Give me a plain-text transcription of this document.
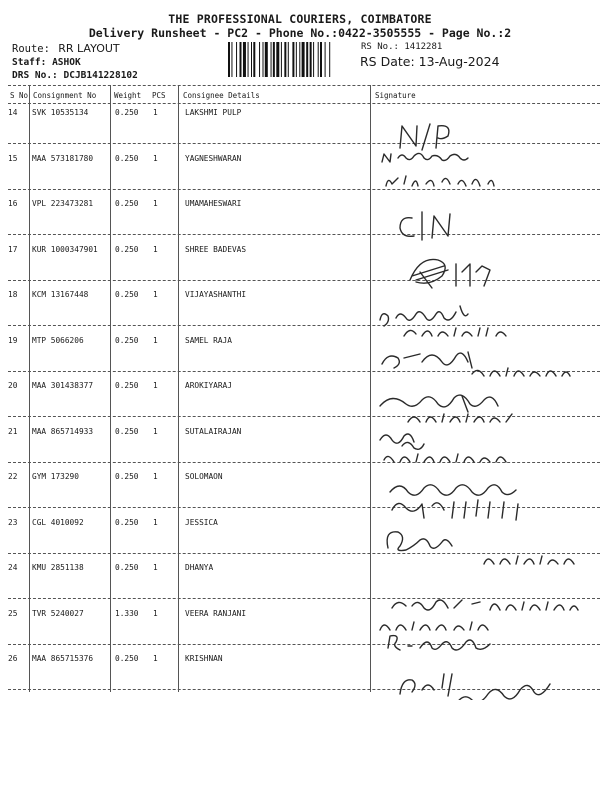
THE PROFESSIONAL COURIERS, COIMBATORE
Delivery Runsheet - PC2 - Phone No.:0422-3505555 - Page No.:2
Route: RR LAYOUT
Staff: ASHOK
DRS No.: DCJB141228102
RS No.: 1412281
RS Date: 13-Aug-2024
S No Consignment No Weight PCS Consignee Details	Signature
14 SVK 10535134	0.250 1	LAKSHMI PULP
15 MAA 573181780	0.250 1	YAGNESHWARAN
16 VPL 223473281	0.250 1	UMAMAHESWARI
17 KUR 1000347901 0.250 1	SHREE BADEVAS
18 KCM 13167448	0.250 1	VIJAYASHANTHI
19 MTP 5066206	0.250 1	SAMEL RAJA
20 MAA 301438377	0.250 1	AROKIYARAJ
21 MAA 865714933	0.250 1	SUTALAIRAJAN
22 GYM 173290	0.250 1	SOLOMAON
23 CGL 4010092	0.250 1	JESSICA
24 KMU 2851138	0.250 1	DHANYA
25 TVR 5240027	1.330 1	VEERA RANJANI
26 MAA 865715376	0.250 1	KRISHNAN
